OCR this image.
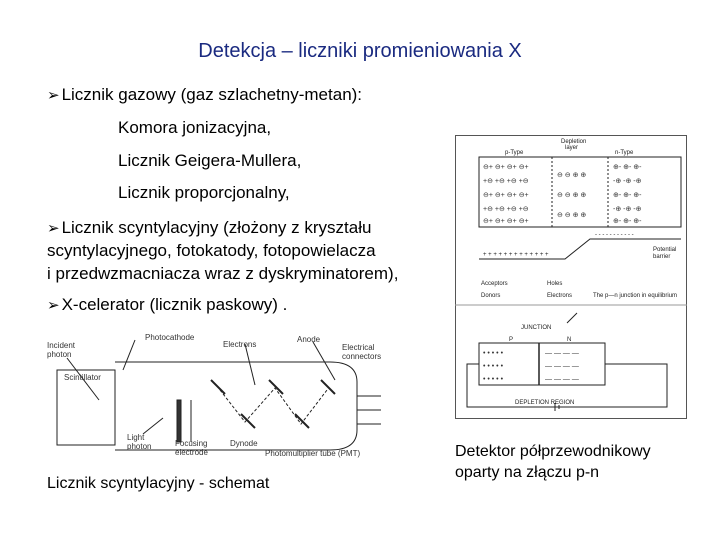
Detekcja – liczniki promieniowania X
➢ Licznik gazowy (gaz szlachetny-metan):
Komora jonizacyjna,
Licznik Geigera-Mullera,
Licznik proporcjonalny,
➢ Licznik scyntylacyjny (złożony z kryształu
scyntylacyjnego, fotokatody, fotopowielacza
i przedwzmacniacza wraz z dyskryminatorem),
➢ X-celerator (licznik paskowy) .
Photocathode
Incident
photon
Electrons
Anode
Electrical
connectors
Scintillator
Light
photon	Focusing
electrode
Dynode
Photomultiplier tube (PMT)
Depletion
layer
p-Type	n-Type
⊖+ ⊖+ ⊖+ ⊖+
+⊖ +⊖ +⊖ +⊖
⊖+ ⊖+ ⊖+ ⊖+
+⊖ +⊖ +⊖ +⊖
⊖+ ⊖+ ⊖+ ⊖+
⊕- ⊕- ⊕-
-⊕ -⊕ -⊕
⊕- ⊕- ⊕-
-⊕ -⊕ -⊕
⊕- ⊕- ⊕-
⊖ ⊖ ⊕ ⊕
⊖ ⊖ ⊕ ⊕
⊖ ⊖ ⊕ ⊕
+ + + + + + + + + + + + +
- - - - - - - - - - -
Potential
barrier
Acceptors
Donors
Holes
Electrons	The p—n junction in equilibrium
JUNCTION
P	N
DEPLETION REGION
• • • • •
• • • • •
• • • • •
— — — —
— — — —
— — — —
Licznik scyntylacyjny - schemat
Detektor półprzewodnikowy
oparty na złączu p-n
